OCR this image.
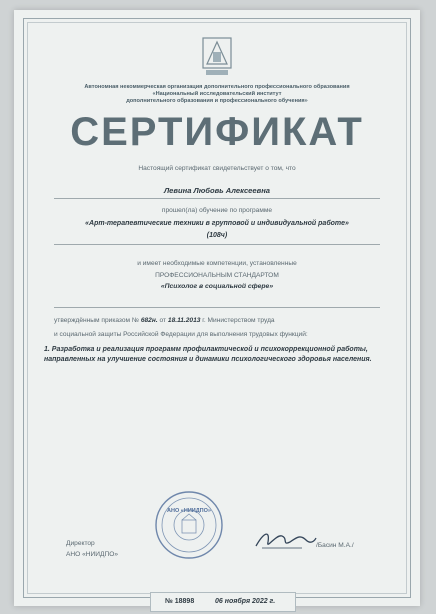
Автономная некоммерческая организация дополнительного профессионального образования
«Национальный исследовательский институт
дополнительного образования и профессионального обучения»
СЕРТИФИКАТ
Настоящий сертификат свидетельствует о том, что
Левина Любовь Алексеевна
прошел(ла) обучение по программе
«Арт-терапевтические техники в групповой и индивидуальной работе»
(108ч)
и имеет необходимые компетенции, установленные
ПРОФЕССИОНАЛЬНЫМ СТАНДАРТОМ
«Психолог в социальной сфере»
утверждённым приказом № 682н. от 18.11.2013 г. Министерством труда
и социальной защиты Российской Федерации для выполнения трудовых функций:
1. Разработка и реализация программ профилактической и психокоррекционной работы, направленных на улучшение состояния и динамики психологического здоровья населения.
Директор
АНО «НИИДПО»
АНО «НИИДПО»
/Басин М.А./
№ 18898	06 ноября 2022 г.
